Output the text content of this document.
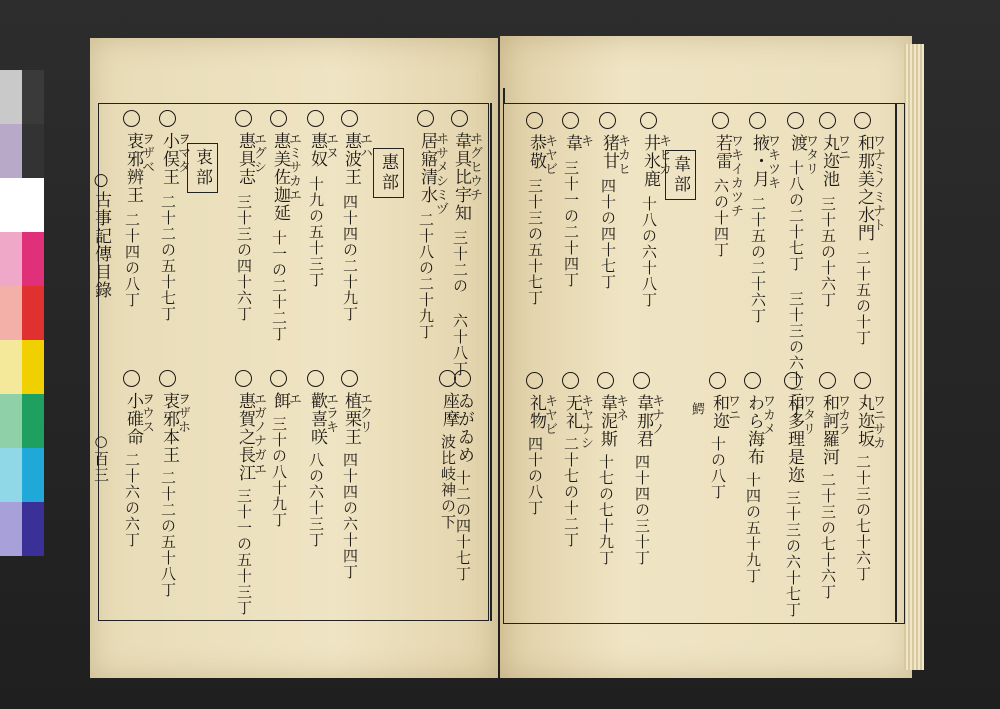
○古事記傳目錄
○百三
韋部
惠部
衷部	和那美之水門
ワナミノミナト
二十五の十丁
丸迩池
ワニ
三十五の十六丁
渡
ワタリ
十八の二十七丁 三十三の六十三丁
掖・月
ワキツキ
二十五の二十六丁
若雷
ワキイカツチ
六の十四丁
井氷鹿
キヒカ
十八の六十八丁
猪甘
キカヒ
四十の四十七丁
韋
キ
三十一の二十四丁
恭敬
キヤビ
三十三の五十七丁
丸迩坂
ワニサカ
二十三の七十六丁
和訶羅河
ワカラ
二十三の七十六丁
和多理是迩
ワタリ
三十三の六十七丁
わら海布
ワカメ
十四の五十九丁
和迩
ワニ
十の八丁
韋那君
キナノ
四十四の三十丁
韋泥斯
キネ
十七の七十九丁
无礼
キヤナシ
二十七の十二丁
礼物
キヤビ
四十の八丁
鰐
韋具比宇知
ヰグヒウチ
三十二の 六十八丁
居寤清水
ヰサメシミヅ
二十八の二十九丁
惠波王
エハ
四十四の二十九丁
惠奴
エヌ
十九の五十三丁
惠美佐迦延
エミサカエ
十一の二十二丁
惠具志
エグシ
三十三の四十六丁
小俣王
ヲマタ
二十二の五十七丁
衷邪辨王
ヲザベ
二十四の八丁
ゐがゐめ
十二の四十七丁
座摩
波比岐神の下
植栗王
エクリ
四十四の六十四丁
歡喜咲
エラキ
八の六十三丁
餌
エ
三十の八十九丁
惠賀之長江
エガノナガエ
三十一の五十三丁
衷邪本王
ヲザホ
二十二の五十八丁
小碓命
ヲウス
二十六の六丁
